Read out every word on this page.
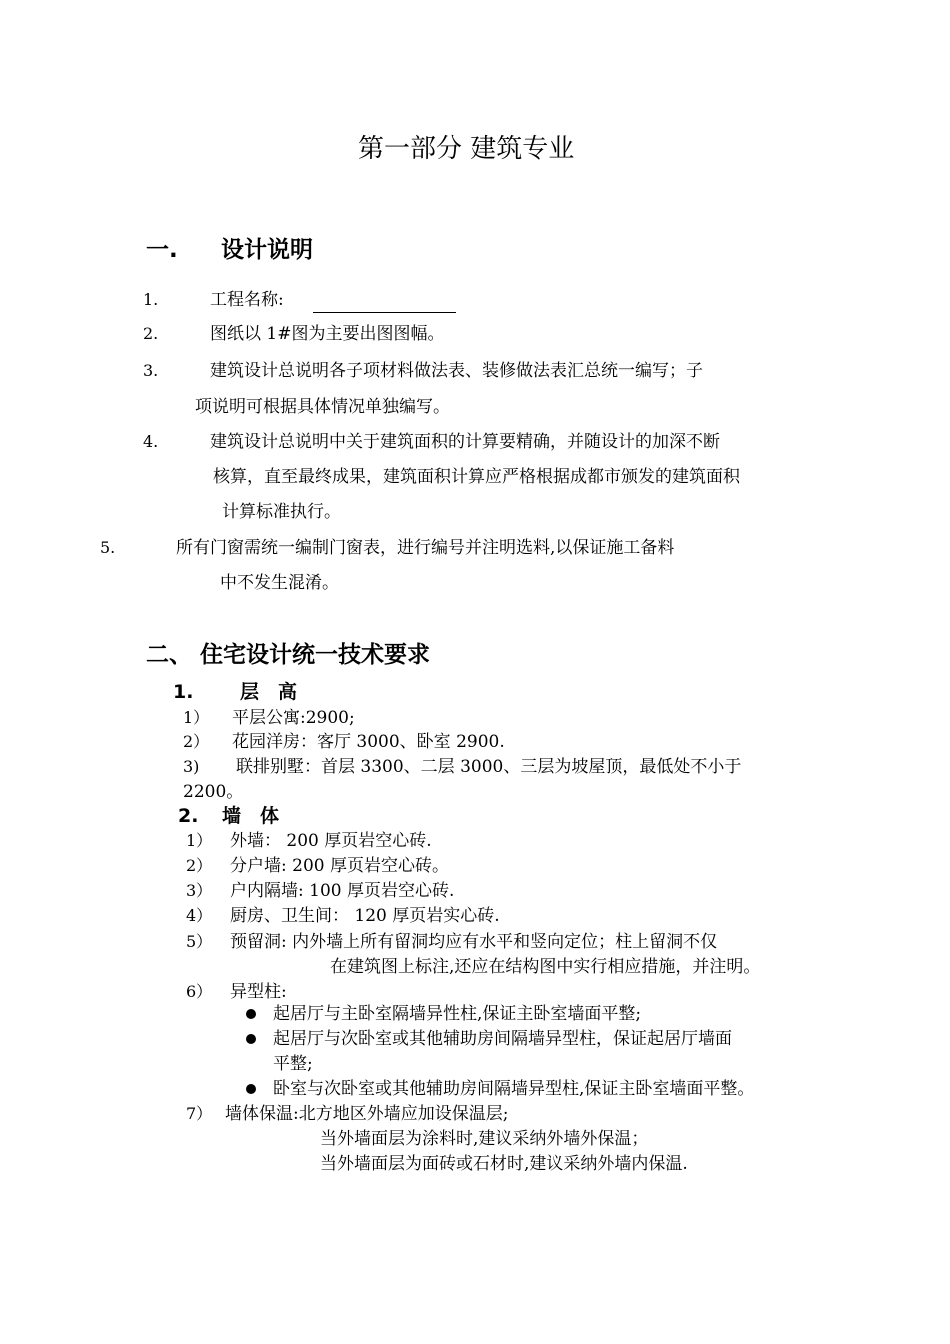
第一部分 建筑专业
一. 设计说明
1.	工程名称:
2.	图纸以 1#图为主要出图图幅。
3.	建筑设计总说明各子项材料做法表、装修做法表汇总统一编写；子
项说明可根据具体情况单独编写。
4.	建筑设计总说明中关于建筑面积的计算要精确，并随设计的加深不断
核算，直至最终成果，建筑面积计算应严格根据成都市颁发的建筑面积
计算标准执行。
5.	所有门窗需统一编制门窗表，进行编号并注明选料,以保证施工备料
中不发生混淆。
二、 住宅设计统一技术要求
1. 层　高
1） 平层公寓:2900;
2） 花园洋房：客厅 3000、卧室 2900.
3) 联排别墅：首层 3300、二层 3000、三层为坡屋顶，最低处不小于
2200。
2. 墙　体
1） 外墙： 200 厚页岩空心砖.
2） 分户墙: 200 厚页岩空心砖。
3） 户内隔墙: 100 厚页岩空心砖.
4） 厨房、卫生间： 120 厚页岩实心砖.
5） 预留洞: 内外墙上所有留洞均应有水平和竖向定位；柱上留洞不仅
在建筑图上标注,还应在结构图中实行相应措施，并注明。
6） 异型柱:
起居厅与主卧室隔墙异性柱,保证主卧室墙面平整;
起居厅与次卧室或其他辅助房间隔墙异型柱，保证起居厅墙面
平整;
卧室与次卧室或其他辅助房间隔墙异型柱,保证主卧室墙面平整。
7） 墙体保温:北方地区外墙应加设保温层;
当外墙面层为涂料时,建议采纳外墙外保温；
当外墙面层为面砖或石材时,建议采纳外墙内保温.
